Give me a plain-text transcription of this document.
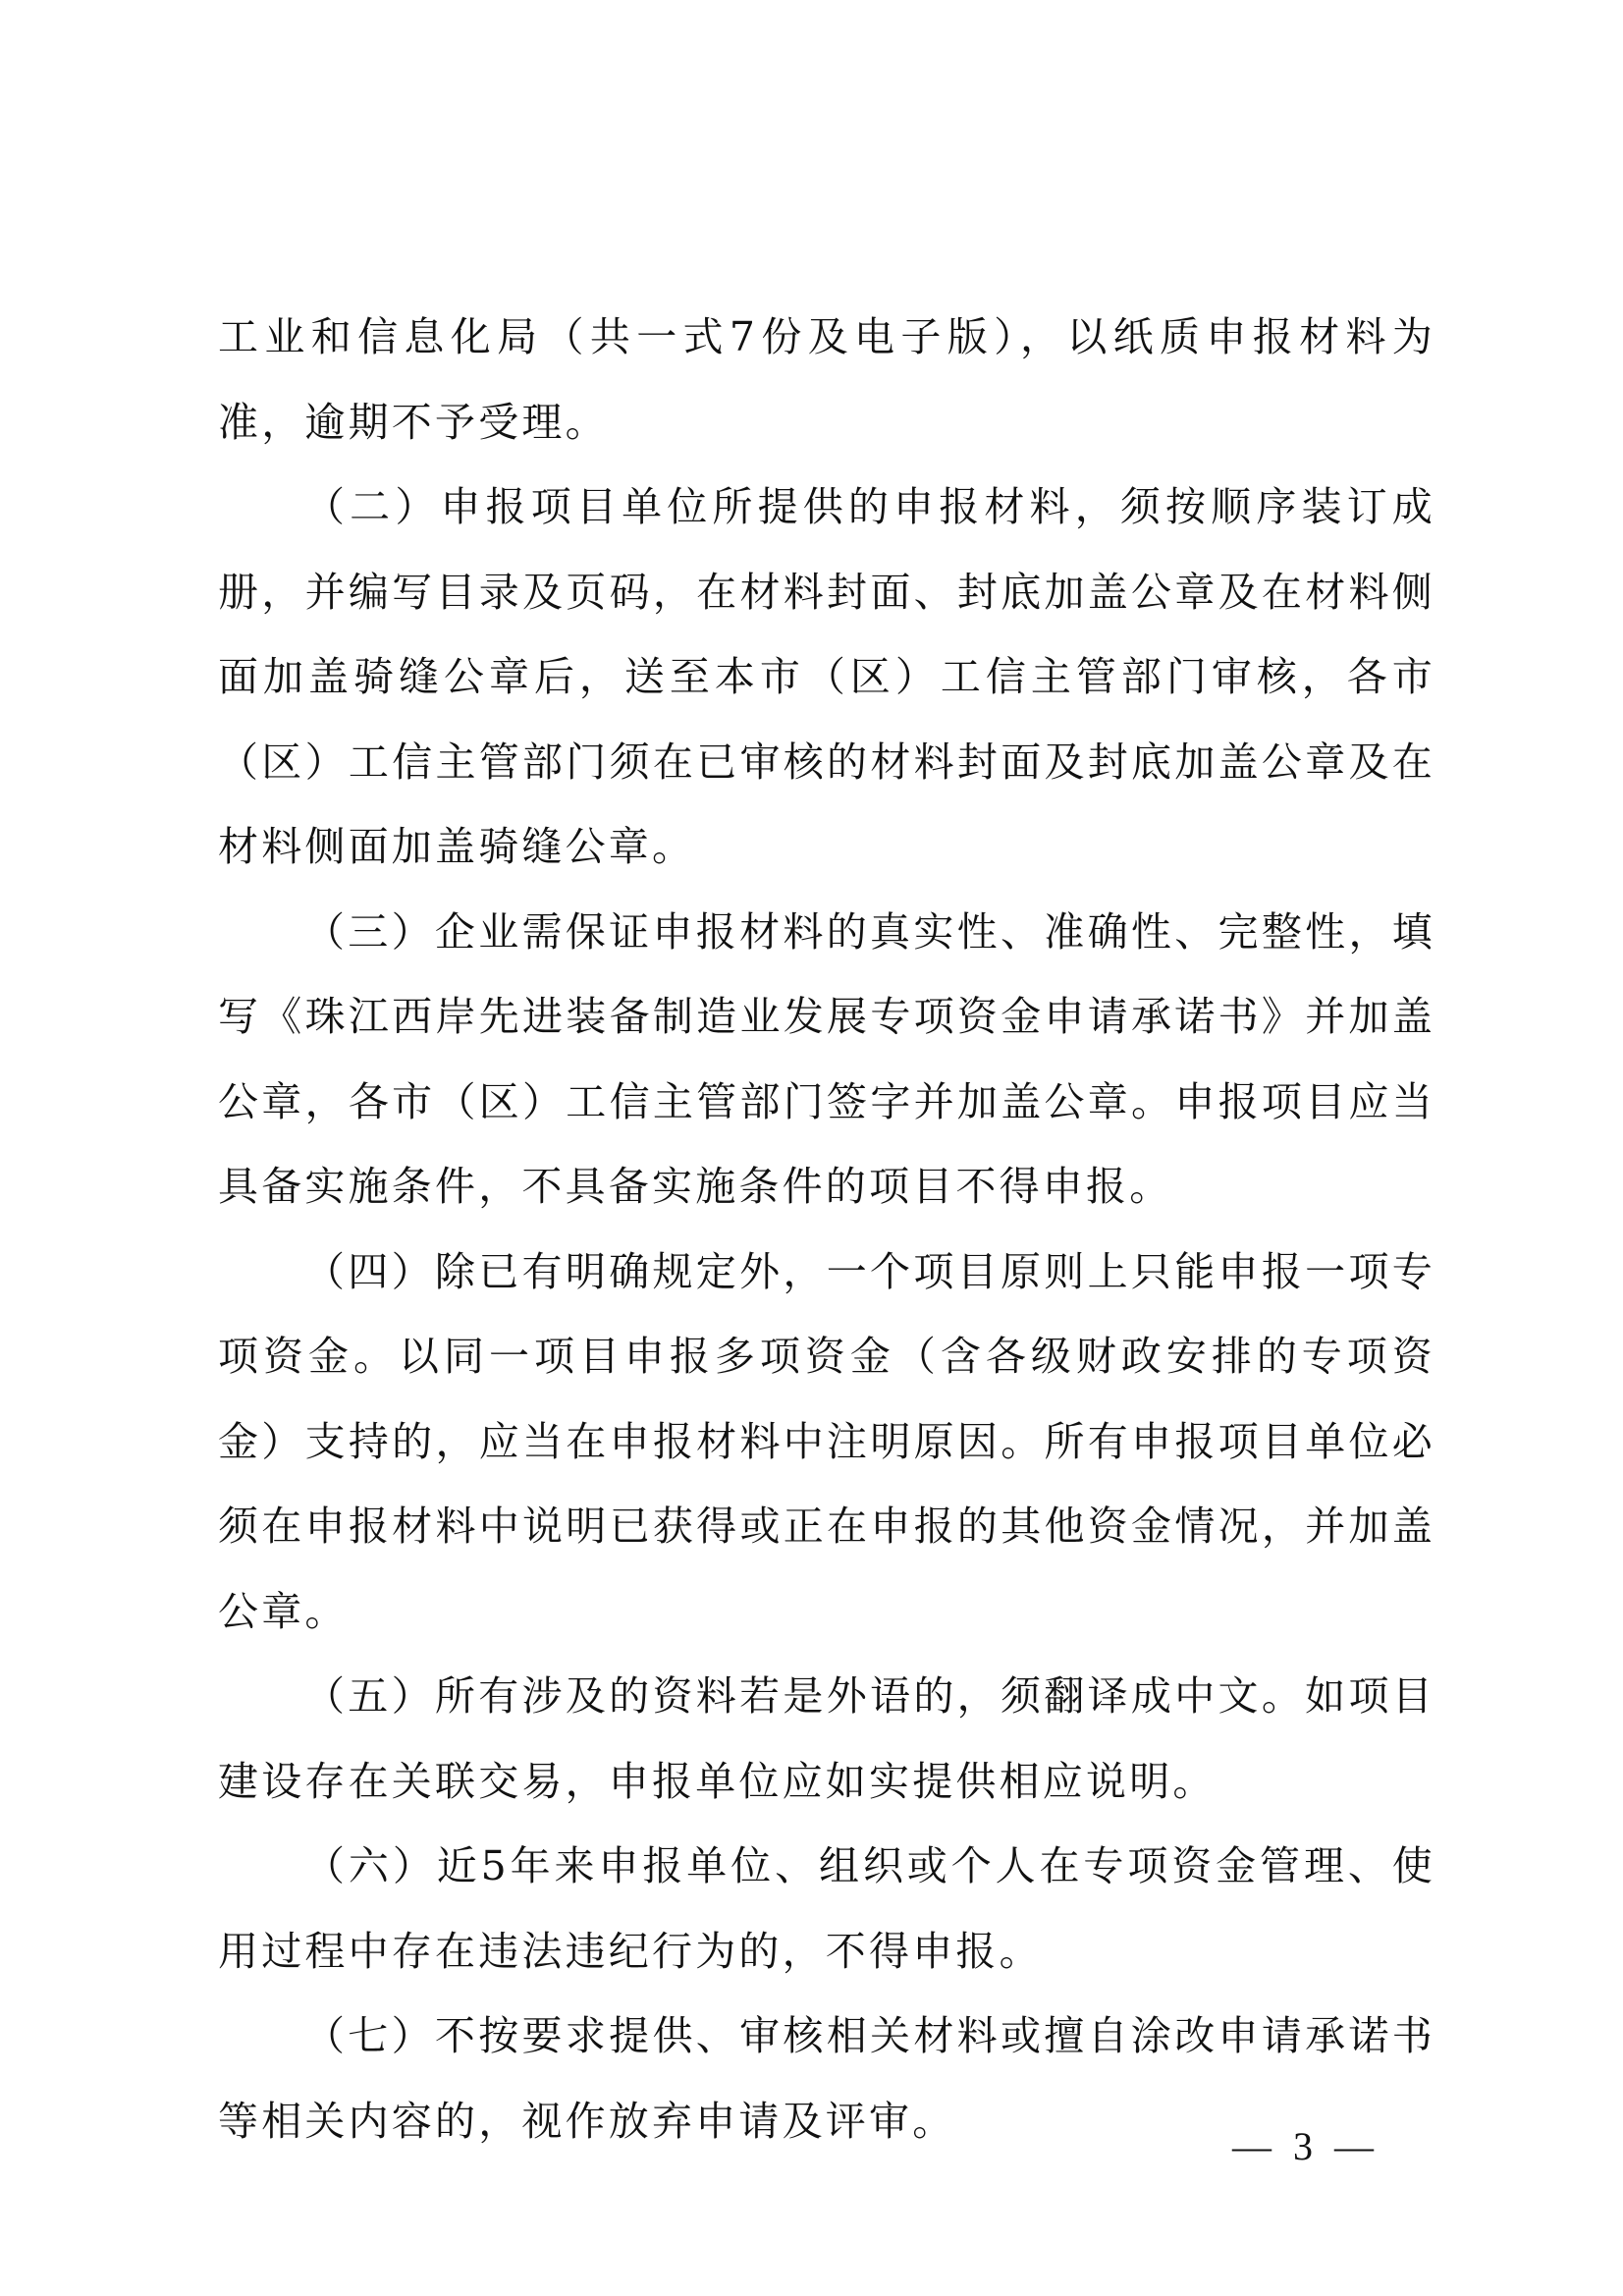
工业和信息化局（共一式7份及电子版），以纸质申报材料为准，逾期不予受理。

（二）申报项目单位所提供的申报材料，须按顺序装订成册，并编写目录及页码，在材料封面、封底加盖公章及在材料侧面加盖骑缝公章后，送至本市（区）工信主管部门审核，各市（区）工信主管部门须在已审核的材料封面及封底加盖公章及在材料侧面加盖骑缝公章。

（三）企业需保证申报材料的真实性、准确性、完整性，填写《珠江西岸先进装备制造业发展专项资金申请承诺书》并加盖公章，各市（区）工信主管部门签字并加盖公章。申报项目应当具备实施条件，不具备实施条件的项目不得申报。

（四）除已有明确规定外，一个项目原则上只能申报一项专项资金。以同一项目申报多项资金（含各级财政安排的专项资金）支持的，应当在申报材料中注明原因。所有申报项目单位必须在申报材料中说明已获得或正在申报的其他资金情况，并加盖公章。

（五）所有涉及的资料若是外语的，须翻译成中文。如项目建设存在关联交易，申报单位应如实提供相应说明。

（六）近5年来申报单位、组织或个人在专项资金管理、使用过程中存在违法违纪行为的，不得申报。

（七）不按要求提供、审核相关材料或擅自涂改申请承诺书等相关内容的，视作放弃申请及评审。

— 3 —
